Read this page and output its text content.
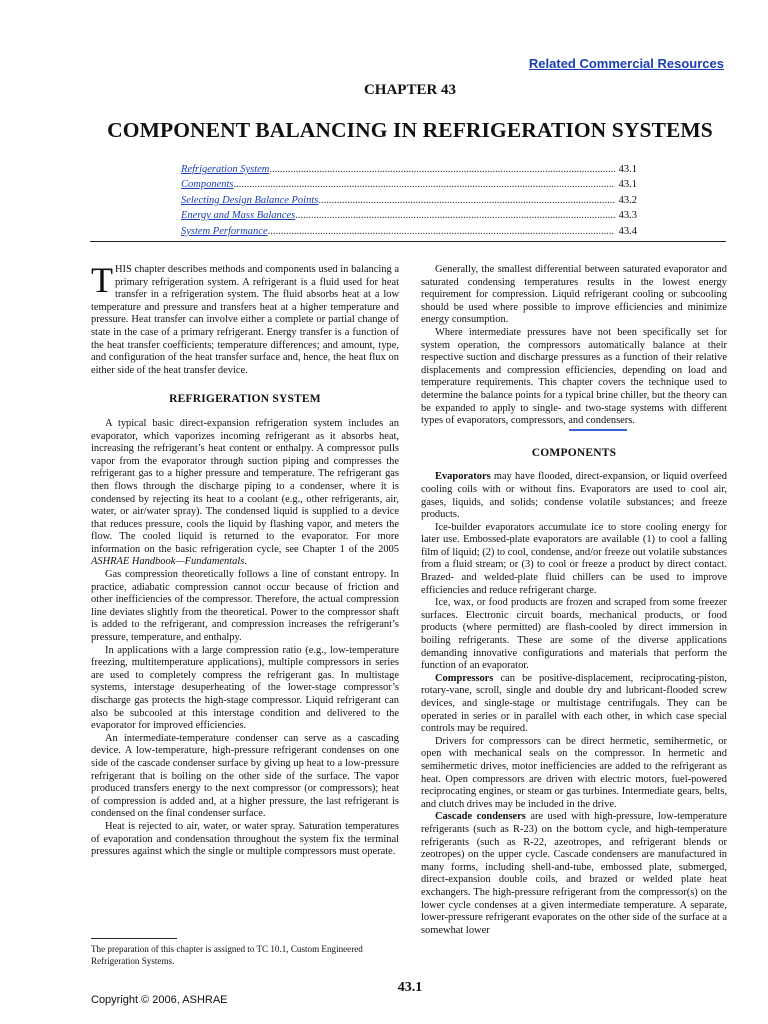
Related Commercial Resources
CHAPTER 43
COMPONENT BALANCING IN REFRIGERATION SYSTEMS
Refrigeration System .....	43.1
Components .....	43.1
Selecting Design Balance Points .....	43.2
Energy and Mass Balances .....	43.3
System Performance .....	43.4

THIS chapter describes methods and components used in balancing a primary refrigeration system. A refrigerant is a fluid used for heat transfer in a refrigeration system. The fluid absorbs heat at a low temperature and pressure and transfers heat at a higher temperature and pressure. Heat transfer can involve either a complete or partial change of state in the case of a primary refrigerant. Energy transfer is a function of the heat transfer coefficients; temperature differences; and amount, type, and configuration of the heat transfer surface and, hence, the heat flux on either side of the heat transfer device.

REFRIGERATION SYSTEM

A typical basic direct-expansion refrigeration system includes an evaporator, which vaporizes incoming refrigerant as it absorbs heat, increasing the refrigerant’s heat content or enthalpy. A compressor pulls vapor from the evaporator through suction piping and compresses the refrigerant gas to a higher pressure and temperature. The refrigerant gas then flows through the discharge piping to a condenser, where it is condensed by rejecting its heat to a coolant (e.g., other refrigerants, air, water, or air/water spray). The condensed liquid is supplied to a device that reduces pressure, cools the liquid by flashing vapor, and meters the flow. The cooled liquid is returned to the evaporator. For more information on the basic refrigeration cycle, see Chapter 1 of the 2005 ASHRAE Handbook—Fundamentals.

Gas compression theoretically follows a line of constant entropy. In practice, adiabatic compression cannot occur because of friction and other inefficiencies of the compressor. Therefore, the actual compression line deviates slightly from the theoretical. Power to the compressor shaft is added to the refrigerant, and compression increases the refrigerant’s pressure, temperature, and enthalpy.

In applications with a large compression ratio (e.g., low-temperature freezing, multitemperature applications), multiple compressors in series are used to completely compress the refrigerant gas. In multistage systems, interstage desuperheating of the lower-stage compressor’s discharge gas protects the high-stage compressor. Liquid refrigerant can also be subcooled at this interstage condition and delivered to the evaporator for improved efficiencies.

An intermediate-temperature condenser can serve as a cascading device. A low-temperature, high-pressure refrigerant condenses on one side of the cascade condenser surface by giving up heat to a low-pressure refrigerant that is boiling on the other side of the surface. The vapor produced transfers energy to the next compressor (or compressors); heat of compression is added and, at a higher pressure, the last refrigerant is condensed on the final condenser surface.

Heat is rejected to air, water, or water spray. Saturation temperatures of evaporation and condensation throughout the system fix the terminal pressures against which the single or multiple compressors must operate.

The preparation of this chapter is assigned to TC 10.1, Custom Engineered Refrigeration Systems.

Generally, the smallest differential between saturated evaporator and saturated condensing temperatures results in the lowest energy requirement for compression. Liquid refrigerant cooling or subcooling should be used where possible to improve efficiencies and minimize energy consumption.

Where intermediate pressures have not been specifically set for system operation, the compressors automatically balance at their respective suction and discharge pressures as a function of their relative displacements and compression efficiencies, depending on load and temperature requirements. This chapter covers the technique used to determine the balance points for a typical brine chiller, but the theory can be expanded to apply to single- and two-stage systems with different types of evaporators, compressors, and condensers.

COMPONENTS

Evaporators may have flooded, direct-expansion, or liquid overfeed cooling coils with or without fins. Evaporators are used to cool air, gases, liquids, and solids; condense volatile substances; and freeze products.

Ice-builder evaporators accumulate ice to store cooling energy for later use. Embossed-plate evaporators are available (1) to cool a falling film of liquid; (2) to cool, condense, and/or freeze out volatile substances from a fluid stream; or (3) to cool or freeze a product by direct contact. Brazed- and welded-plate fluid chillers can be used to improve efficiencies and reduce refrigerant charge.

Ice, wax, or food products are frozen and scraped from some freezer surfaces. Electronic circuit boards, mechanical products, or food products (where permitted) are flash-cooled by direct immersion in boiling refrigerants. These are some of the diverse applications demanding innovative configurations and materials that perform the function of an evaporator.

Compressors can be positive-displacement, reciprocating-piston, rotary-vane, scroll, single and double dry and lubricant-flooded screw devices, and single-stage or multistage centrifugals. They can be operated in series or in parallel with each other, in which case special controls may be required.

Drivers for compressors can be direct hermetic, semihermetic, or open with mechanical seals on the compressor. In hermetic and semihermetic drives, motor inefficiencies are added to the refrigerant as heat. Open compressors are driven with electric motors, fuel-powered reciprocating engines, or steam or gas turbines. Intermediate gears, belts, and clutch drives may be included in the drive.

Cascade condensers are used with high-pressure, low-temperature refrigerants (such as R-23) on the bottom cycle, and high-temperature refrigerants (such as R-22, azeotropes, and refrigerant blends or zeotropes) on the upper cycle. Cascade condensers are manufactured in many forms, including shell-and-tube, embossed plate, submerged, direct-expansion double coils, and brazed or welded plate heat exchangers. The high-pressure refrigerant from the compressor(s) on the lower cycle condenses at a given intermediate temperature. A separate, lower-pressure refrigerant evaporates on the other side of the surface at a somewhat lower

43.1
Copyright © 2006, ASHRAE
